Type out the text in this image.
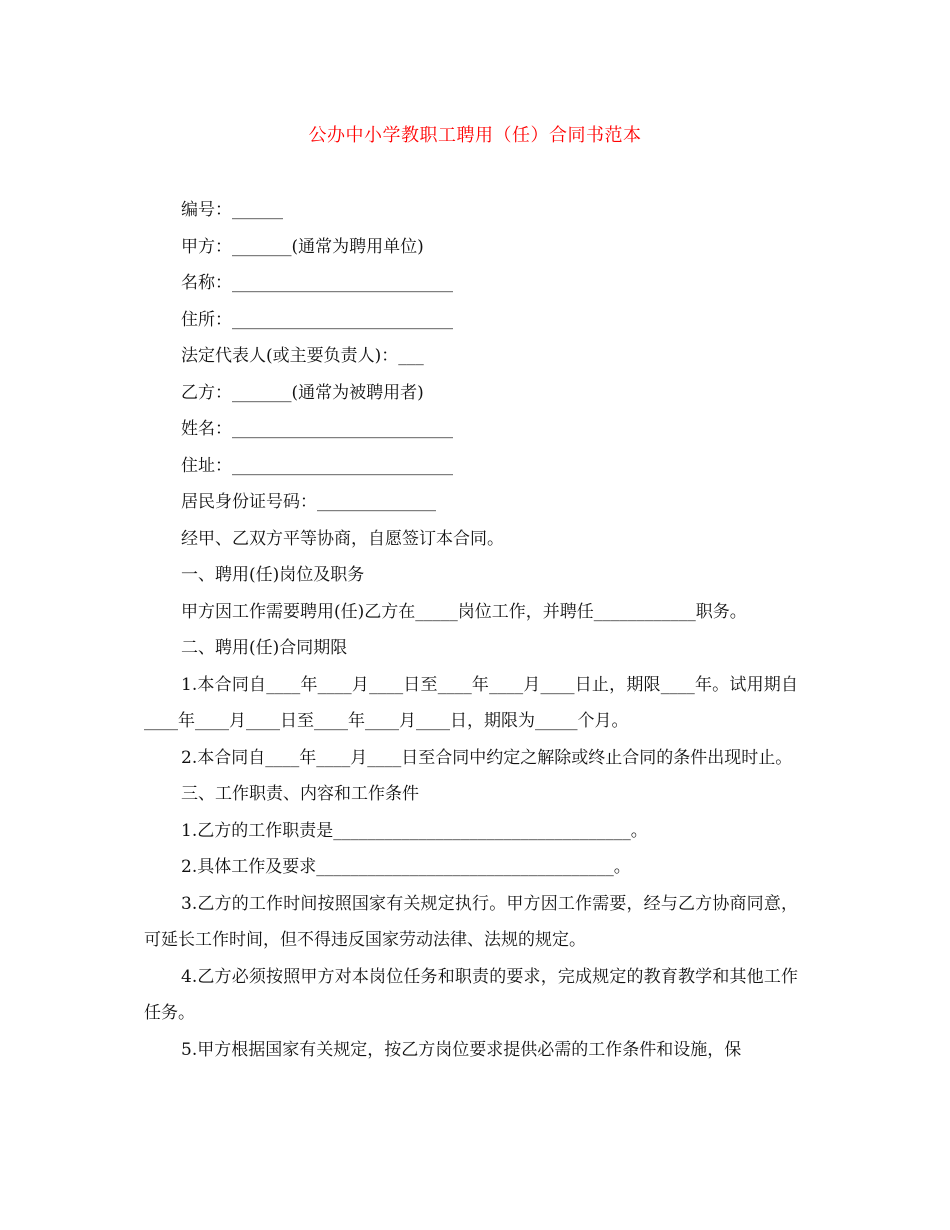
公办中小学教职工聘用（任）合同书范本
编号：______
甲方：_______(通常为聘用单位)
名称：__________________________
住所：__________________________
法定代表人(或主要负责人)：___
乙方：_______(通常为被聘用者)
姓名：__________________________
住址：__________________________
居民身份证号码：______________
经甲、乙双方平等协商，自愿签订本合同。
一、聘用(任)岗位及职务
甲方因工作需要聘用(任)乙方在_____岗位工作，并聘任____________职务。
二、聘用(任)合同期限
1.本合同自____年____月____日至____年____月____日止，期限____年。试用期自____年____月____日至____年____月____日，期限为_____个月。
2.本合同自____年____月____日至合同中约定之解除或终止合同的条件出现时止。
三、工作职责、内容和工作条件
1.乙方的工作职责是___________________________________。
2.具体工作及要求___________________________________。
3.乙方的工作时间按照国家有关规定执行。甲方因工作需要，经与乙方协商同意，可延长工作时间，但不得违反国家劳动法律、法规的规定。
4.乙方必须按照甲方对本岗位任务和职责的要求，完成规定的教育教学和其他工作任务。
5.甲方根据国家有关规定，按乙方岗位要求提供必需的工作条件和设施，保
